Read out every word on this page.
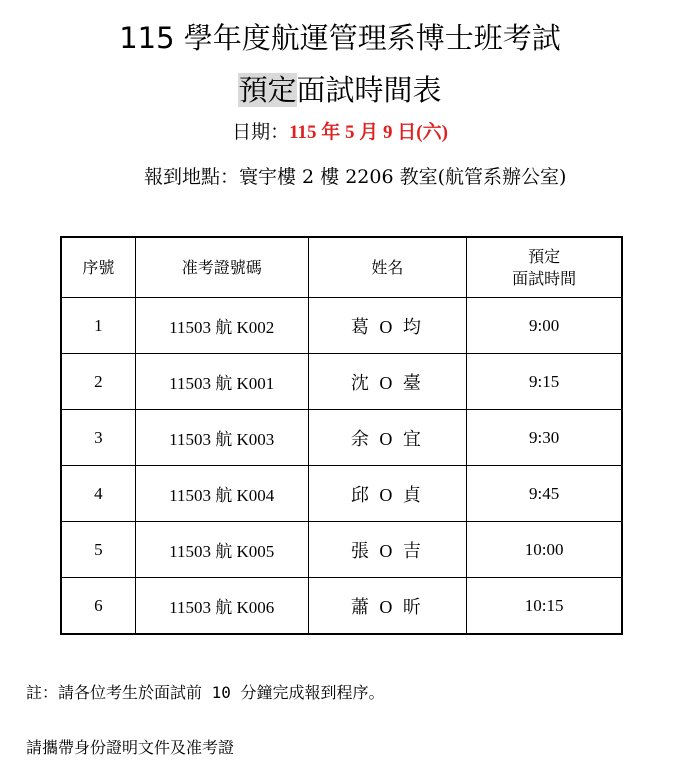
115 學年度航運管理系博士班考試
預定面試時間表
日期：115 年 5 月 9 日(六)
報到地點：寰宇樓 2 樓 2206 教室(航管系辦公室)
序號	准考證號碼	姓名	預定
面試時間
1	11503 航 K002	葛 O 均	9:00
2	11503 航 K001	沈 O 臺	9:15
3	11503 航 K003	余 O 宜	9:30
4	11503 航 K004	邱 O 貞	9:45
5	11503 航 K005	張 O 吉	10:00
6	11503 航 K006	蕭 O 昕	10:15
註：請各位考生於面試前 10 分鐘完成報到程序。
請攜帶身份證明文件及准考證
